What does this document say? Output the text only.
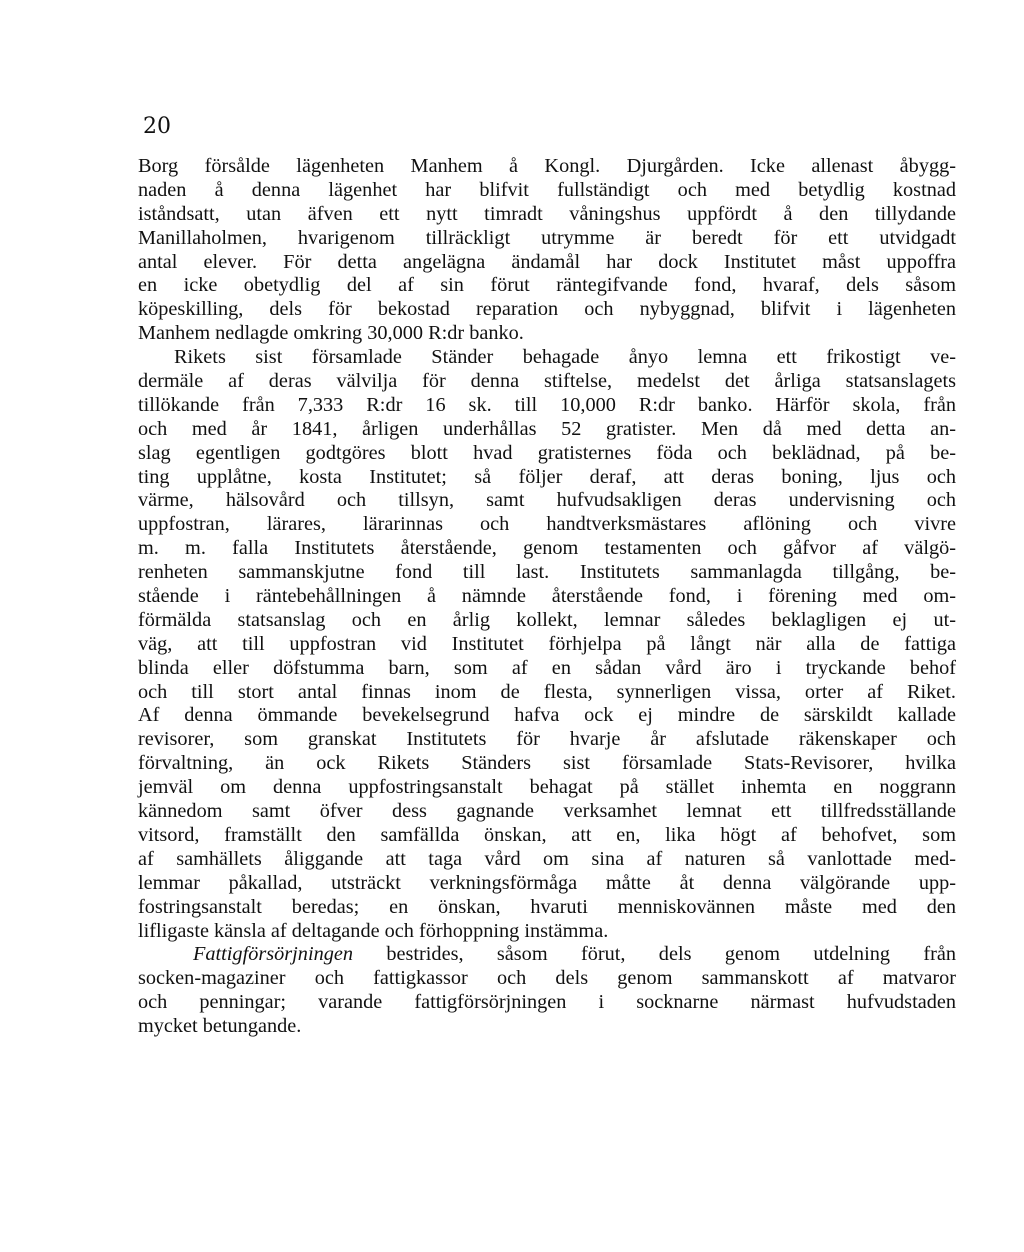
20
Borg försålde lägenheten Manhem å Kongl. Djurgården. Icke allenast åbygg-
naden å denna lägenhet har blifvit fullständigt och med betydlig kostnad
iståndsatt, utan äfven ett nytt timradt våningshus uppfördt å den tillydande
Manillaholmen, hvarigenom tillräckligt utrymme är beredt för ett utvidgadt
antal elever. För detta angelägna ändamål har dock Institutet måst uppoffra
en icke obetydlig del af sin förut räntegifvande fond, hvaraf, dels såsom
köpeskilling, dels för bekostad reparation och nybyggnad, blifvit i lägenheten
Manhem nedlagde omkring 30,000 R:dr banko.
Rikets sist församlade Ständer behagade ånyo lemna ett frikostigt ve-
dermäle af deras välvilja för denna stiftelse, medelst det årliga statsanslagets
tillökande från 7,333 R:dr 16 sk. till 10,000 R:dr banko. Härför skola, från
och med år 1841, årligen underhållas 52 gratister. Men då med detta an-
slag egentligen godtgöres blott hvad gratisternes föda och beklädnad, på be-
ting upplåtne, kosta Institutet; så följer deraf, att deras boning, ljus och
värme, hälsovård och tillsyn, samt hufvudsakligen deras undervisning och
uppfostran, lärares, lärarinnas och handtverksmästares aflöning och vivre
m. m. falla Institutets återstående, genom testamenten och gåfvor af välgö-
renheten sammanskjutne fond till last. Institutets sammanlagda tillgång, be-
stående i räntebehållningen å nämnde återstående fond, i förening med om-
förmälda statsanslag och en årlig kollekt, lemnar således beklagligen ej ut-
väg, att till uppfostran vid Institutet förhjelpa på långt när alla de fattiga
blinda eller döfstumma barn, som af en sådan vård äro i tryckande behof
och till stort antal finnas inom de flesta, synnerligen vissa, orter af Riket.
Af denna ömmande bevekelsegrund hafva ock ej mindre de särskildt kallade
revisorer, som granskat Institutets för hvarje år afslutade räkenskaper och
förvaltning, än ock Rikets Ständers sist församlade Stats-Revisorer, hvilka
jemväl om denna uppfostringsanstalt behagat på stället inhemta en noggrann
kännedom samt öfver dess gagnande verksamhet lemnat ett tillfredsställande
vitsord, framställt den samfällda önskan, att en, lika högt af behofvet, som
af samhällets åliggande att taga vård om sina af naturen så vanlottade med-
lemmar påkallad, utsträckt verkningsförmåga måtte åt denna välgörande upp-
fostringsanstalt beredas; en önskan, hvaruti menniskovännen måste med den
lifligaste känsla af deltagande och förhoppning instämma.
Fattigförsörjningen bestrides, såsom förut, dels genom utdelning från
socken-magaziner och fattigkassor och dels genom sammanskott af matvaror
och penningar; varande fattigförsörjningen i socknarne närmast hufvudstaden
mycket betungande.
